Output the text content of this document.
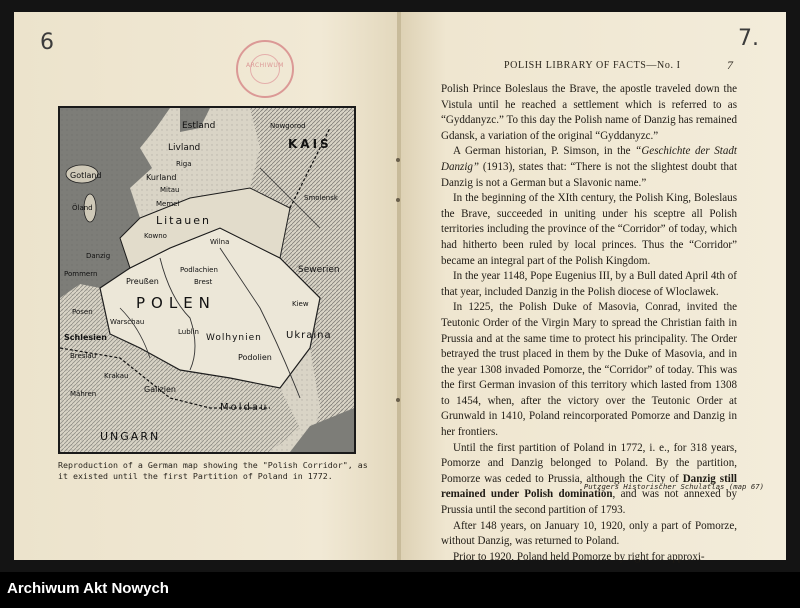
6	7.
ARCHIWUM
Estland
KAIS
Gotland
Livland
Öland
Kurland
Litauen
Wilna
Memel
Danzig
Pommern
Preußen
POLEN
Warschau
Krakau
Lublin
Podolien
Wolhynien
UNGARN
Mähren
Ukraina
Sewerien
Moldau
Kiew
Brest
Smolensk
Nowgorod
Posen
Breslau
Schlesien
Riga
Galizien
Mitau
Podlachien
Kowno
Reproduction of a German map showing the "Polish Corridor", as it existed until the first Partition of Poland in 1772.
Putzgers Historischer Schulatlas (map 67)
POLISH LIBRARY OF FACTS—No. I	7

Polish Prince Boleslaus the Brave, the apostle traveled down the Vistula until he reached a settlement which is referred to as “Gyddanyzc.” To this day the Polish name of Danzig has remained Gdansk, a variation of the original “Gyddanyzc.”

A German historian, P. Simson, in the “Geschichte der Stadt Danzig” (1913), states that: “There is not the slightest doubt that Danzig is not a German but a Slavonic name.”

In the beginning of the XIth century, the Polish King, Boleslaus the Brave, succeeded in uniting under his sceptre all Polish territories including the province of the “Corridor” of today, which had hitherto been ruled by local princes. Thus the “Corridor” became an integral part of the Polish Kingdom.

In the year 1148, Pope Eugenius III, by a Bull dated April 4th of that year, included Danzig in the Polish diocese of Wloclawek.

In 1225, the Polish Duke of Masovia, Conrad, invited the Teutonic Order of the Virgin Mary to spread the Christian faith in Prussia and at the same time to protect his principality. The Order betrayed the trust placed in them by the Duke of Masovia, and in the year 1308 invaded Pomorze, the “Corridor” of today. This was the first German invasion of this territory which lasted from 1308 to 1454, when, after the victory over the Teutonic Order at Grunwald in 1410, Poland reincorporated Pomorze and Danzig in her frontiers.

Until the first partition of Poland in 1772, i. e., for 318 years, Pomorze and Danzig belonged to Poland. By the partition, Pomorze was ceded to Prussia, although the City of Danzig still remained under Polish domination, and was not annexed by Prussia until the second partition of 1793.

After 148 years, on January 10, 1920, only a part of Pomorze, without Danzig, was returned to Poland.

Prior to 1920, Poland held Pomorze by right for approxi-

Archiwum Akt Nowych
